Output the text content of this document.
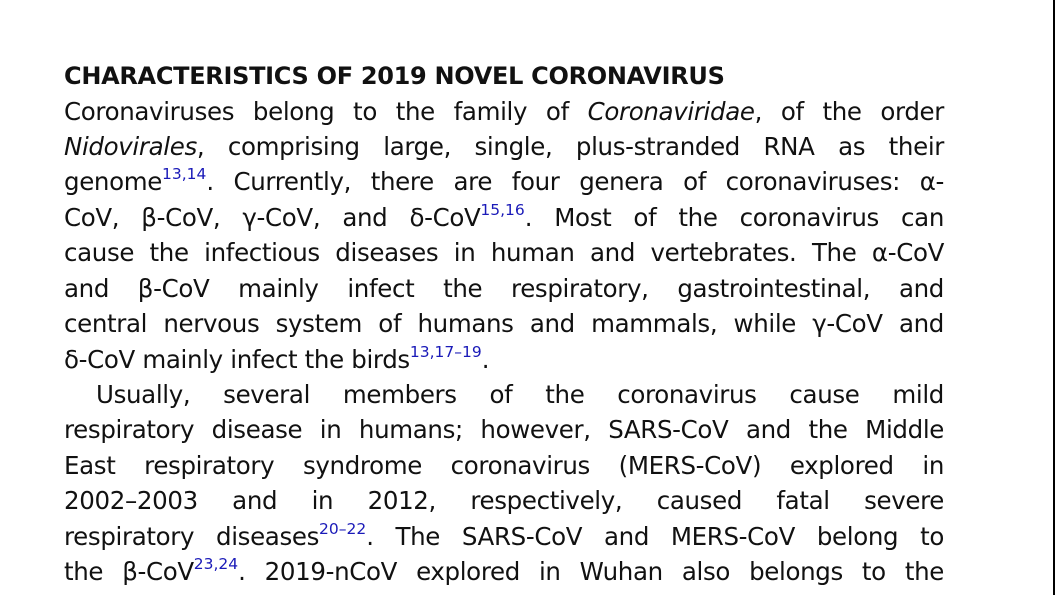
CHARACTERISTICS OF 2019 NOVEL CORONAVIRUS
Coronaviruses belong to the family of Coronaviridae, of the order
Nidovirales, comprising large, single, plus-stranded RNA as their
genome$^{13,14}$. Currently, there are four genera of coronaviruses: α-
CoV, β-CoV, γ-CoV, and δ-CoV$^{15,16}$. Most of the coronavirus can
cause the infectious diseases in human and vertebrates. The α-CoV
and β-CoV mainly infect the respiratory, gastrointestinal, and
central nervous system of humans and mammals, while γ-CoV and
δ-CoV mainly infect the birds$^{13,17-19}$.
Usually, several members of the coronavirus cause mild
respiratory disease in humans; however, SARS-CoV and the Middle
East respiratory syndrome coronavirus (MERS-CoV) explored in
2002–2003 and in 2012, respectively, caused fatal severe
respiratory diseases$^{20-22}$. The SARS-CoV and MERS-CoV belong to
the β-CoV$^{23,24}$. 2019-nCoV explored in Wuhan also belongs to the
